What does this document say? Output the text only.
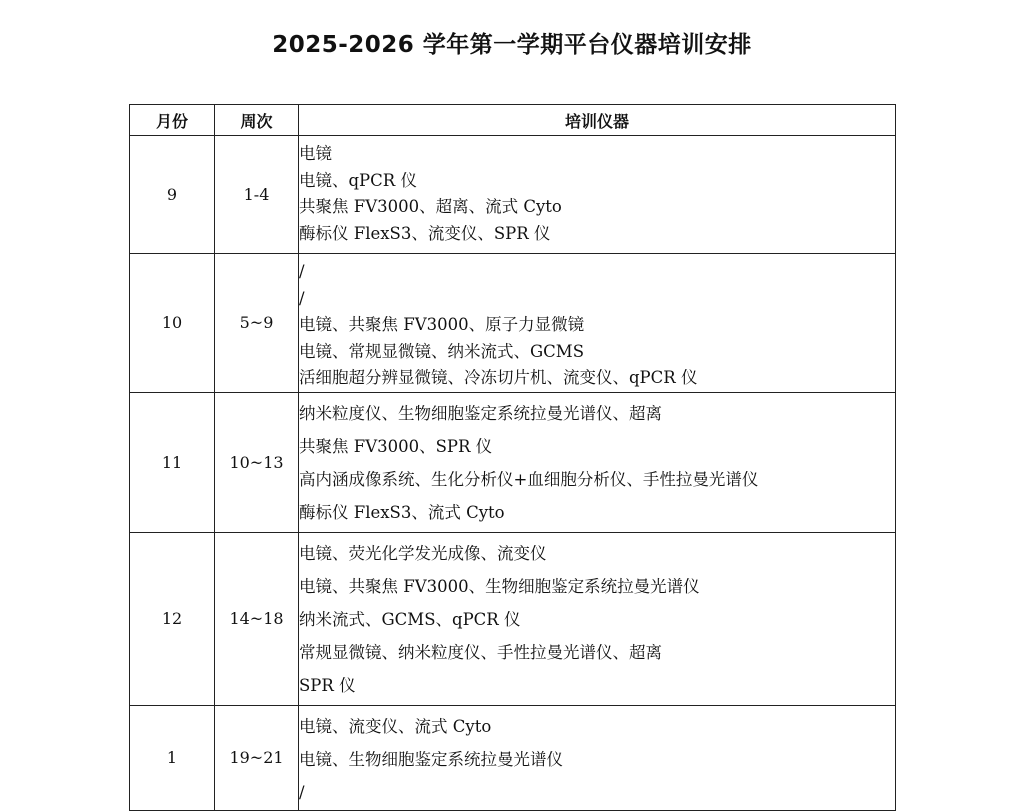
2025-2026 学年第一学期平台仪器培训安排
月份	周次	培训仪器
9	1-4	电镜
电镜、qPCR 仪
共聚焦 FV3000、超离、流式 Cyto
酶标仪 FlexS3、流变仪、SPR 仪

10	5~9	/
/
电镜、共聚焦 FV3000、原子力显微镜
电镜、常规显微镜、纳米流式、GCMS
活细胞超分辨显微镜、冷冻切片机、流变仪、qPCR 仪

11	10~13	纳米粒度仪、生物细胞鉴定系统拉曼光谱仪、超离
共聚焦 FV3000、SPR 仪
高内涵成像系统、生化分析仪+血细胞分析仪、手性拉曼光谱仪
酶标仪 FlexS3、流式 Cyto

12	14~18	电镜、荧光化学发光成像、流变仪
电镜、共聚焦 FV3000、生物细胞鉴定系统拉曼光谱仪
纳米流式、GCMS、qPCR 仪
常规显微镜、纳米粒度仪、手性拉曼光谱仪、超离
SPR 仪

1	19~21	电镜、流变仪、流式 Cyto
电镜、生物细胞鉴定系统拉曼光谱仪
/
